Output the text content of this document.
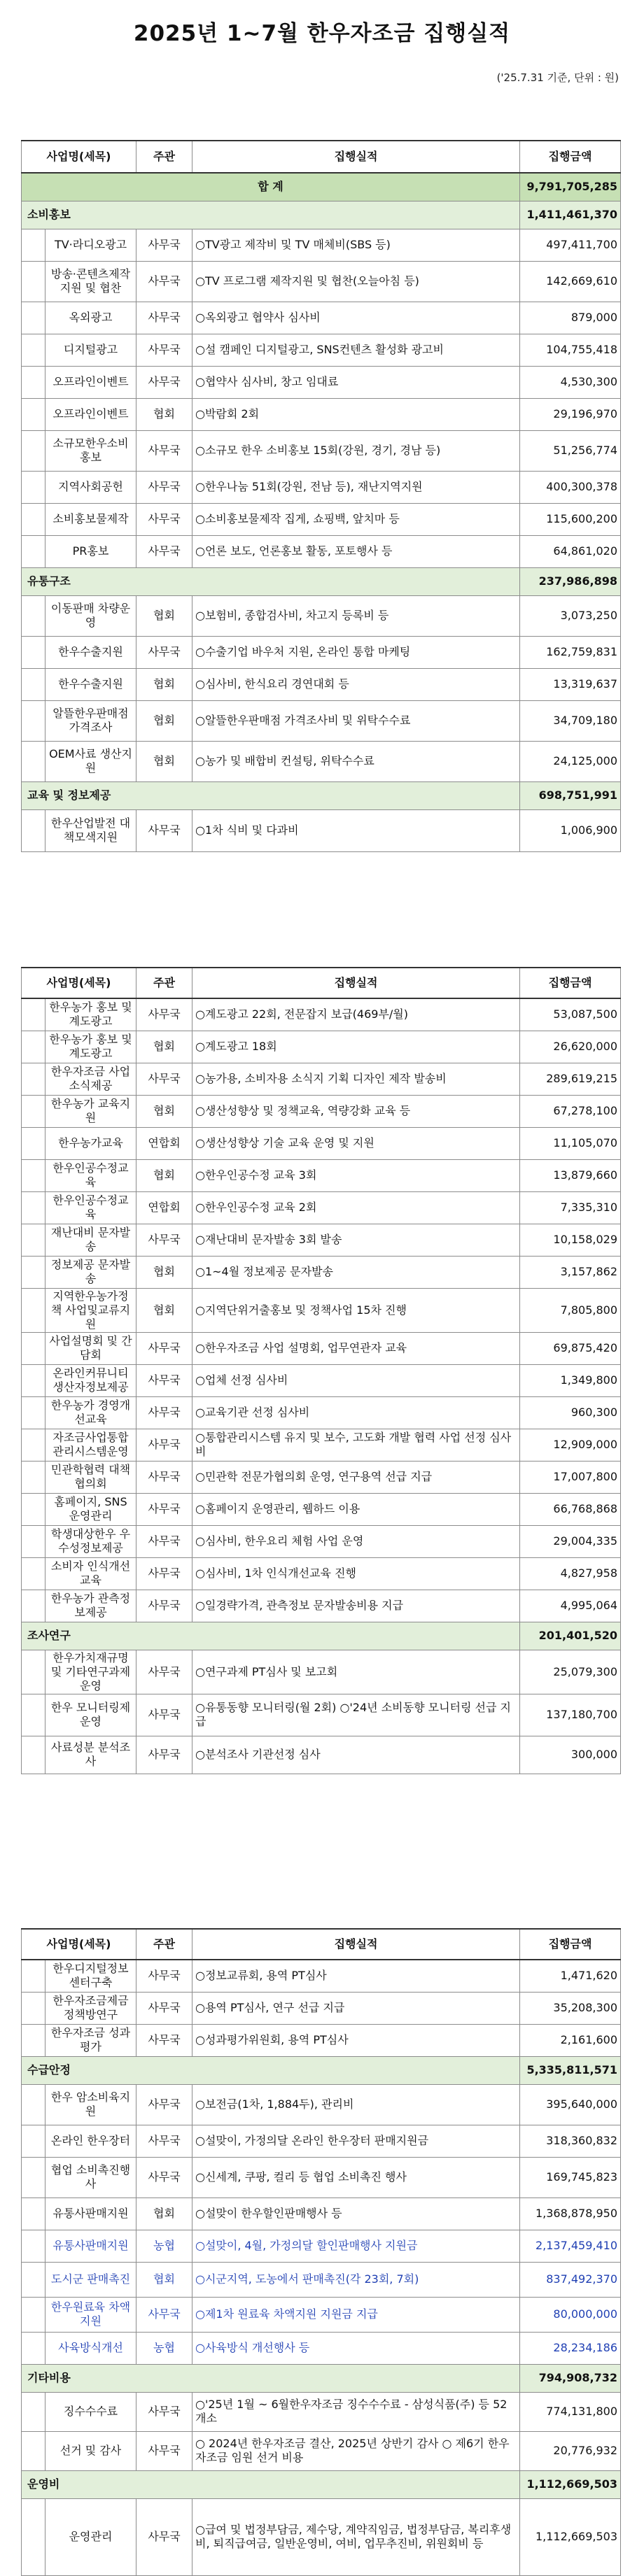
2025년 1~7월 한우자조금 집행실적
('25.7.31 기준, 단위 : 원)
사업명(세목)		주관	집행실적	집행금액
합 계				9,791,705,285
소비홍보				1,411,461,370
	TV·라디오광고	사무국	○TV광고 제작비 및 TV 매체비(SBS 등)	497,411,700
	방송·콘텐츠제작지원 및 협찬	사무국	○TV 프로그램 제작지원 및 협찬(오늘아침 등)	142,669,610
	옥외광고	사무국	○옥외광고 협약사 심사비	879,000
	디지털광고	사무국	○설 캠페인 디지털광고, SNS컨텐츠 활성화 광고비	104,755,418
	오프라인이벤트	사무국	○협약사 심사비, 창고 임대료	4,530,300
	오프라인이벤트	협회	○박람회 2회	29,196,970
	소규모한우소비홍보	사무국	○소규모 한우 소비홍보 15회(강원, 경기, 경남 등)	51,256,774
	지역사회공헌	사무국	○한우나눔 51회(강원, 전남 등), 재난지역지원	400,300,378
	소비홍보물제작	사무국	○소비홍보물제작 집게, 쇼핑백, 앞치마 등	115,600,200
	PR홍보	사무국	○언론 보도, 언론홍보 활동, 포토행사 등	64,861,020
유통구조				237,986,898
	이동판매 차량운영	협회	○보험비, 종합검사비, 차고지 등록비 등	3,073,250
	한우수출지원	사무국	○수출기업 바우처 지원, 온라인 통합 마케팅	162,759,831
	한우수출지원	협회	○심사비, 한식요리 경연대회 등	13,319,637
	알뜰한우판매점 가격조사	협회	○알뜰한우판매점 가격조사비 및 위탁수수료	34,709,180
	OEM사료 생산지원	협회	○농가 및 배합비 컨설팅, 위탁수수료	24,125,000
교육 및 정보제공				698,751,991
	한우산업발전 대책모색지원	사무국	○1차 식비 및 다과비	1,006,900
사업명(세목)		주관	집행실적	집행금액
	한우농가 홍보 및 계도광고	사무국	○계도광고 22회, 전문잡지 보급(469부/월)	53,087,500
	한우농가 홍보 및 계도광고	협회	○계도광고 18회	26,620,000
	한우자조금 사업소식제공	사무국	○농가용, 소비자용 소식지 기획 디자인 제작 발송비	289,619,215
	한우농가 교육지원	협회	○생산성향상 및 정책교육, 역량강화 교육 등	67,278,100
	한우농가교육	연합회	○생산성향상 기술 교육 운영 및 지원	11,105,070
	한우인공수정교육	협회	○한우인공수정 교육 3회	13,879,660
	한우인공수정교육	연합회	○한우인공수정 교육 2회	7,335,310
	재난대비 문자발송	사무국	○재난대비 문자발송 3회 발송	10,158,029
	정보제공 문자발송	협회	○1~4월 정보제공 문자발송	3,157,862
	지역한우농가정책 사업및교류지원	협회	○지역단위거출홍보 및 정책사업 15차 진행	7,805,800
	사업설명회 및 간담회	사무국	○한우자조금 사업 설명회, 업무연관자 교육	69,875,420
	온라인커뮤니티 생산자정보제공	사무국	○업체 선정 심사비	1,349,800
	한우농가 경영개선교육	사무국	○교육기관 선정 심사비	960,300
	자조금사업통합 관리시스템운영	사무국	○통합관리시스템 유지 및 보수, 고도화 개발 협력 사업 선정 심사비	12,909,000
	민관학협력 대책협의회	사무국	○민관학 전문가협의회 운영, 연구용역 선급 지급	17,007,800
	홈페이지, SNS 운영관리	사무국	○홈페이지 운영관리, 웹하드 이용	66,768,868
	학생대상한우 우수성정보제공	사무국	○심사비, 한우요리 체험 사업 운영	29,004,335
	소비자 인식개선교육	사무국	○심사비, 1차 인식개선교육 진행	4,827,958
	한우농가 관측정보제공	사무국	○일경략가격, 관측정보 문자발송비용 지급	4,995,064
조사연구				201,401,520
	한우가치재규명및 기타연구과제운영	사무국	○연구과제 PT심사 및 보고회	25,079,300
	한우 모니터링제운영	사무국	○유통동향 모니터링(월 2회) ○'24년 소비동향 모니터링 선급 지급	137,180,700
	사료성분 분석조사	사무국	○분석조사 기관선정 심사	300,000
사업명(세목)		주관	집행실적	집행금액
	한우디지털정보 센터구축	사무국	○정보교류회, 용역 PT심사	1,471,620
	한우자조금제금 정책방연구	사무국	○용역 PT심사, 연구 선급 지급	35,208,300
	한우자조금 성과평가	사무국	○성과평가위원회, 용역 PT심사	2,161,600
수급안정				5,335,811,571
	한우 암소비육지원	사무국	○보전금(1차, 1,884두), 관리비	395,640,000
	온라인 한우장터	사무국	○설맞이, 가정의달 온라인 한우장터 판매지원금	318,360,832
	협업 소비촉진행사	사무국	○신세계, 쿠팡, 컬리 등 협업 소비촉진 행사	169,745,823
	유통사판매지원	협회	○설맞이 한우할인판매행사 등	1,368,878,950
	유통사판매지원	농협	○설맞이, 4월, 가정의달 할인판매행사 지원금	2,137,459,410
	도시군 판매촉진	협회	○시군지역, 도농에서 판매촉진(각 23회, 7회)	837,492,370
	한우원료육 차액지원	사무국	○제1차 원료육 차액지원 지원금 지급	80,000,000
	사육방식개선	농협	○사육방식 개선행사 등	28,234,186
기타비용				794,908,732
	징수수수료	사무국	○'25년 1월 ~ 6월한우자조금 징수수수료 - 삼성식품(주) 등 52개소	774,131,800
	선거 및 감사	사무국	○ 2024년 한우자조금 결산, 2025년 상반기 감사 ○ 제6기 한우자조금 임원 선거 비용	20,776,932
운영비				1,112,669,503
	운영관리	사무국	○급여 및 법정부담금, 제수당, 계약직임금, 법정부담금, 복리후생비, 퇴직급여금, 일반운영비, 여비, 업무추진비, 위원회비 등	1,112,669,503
